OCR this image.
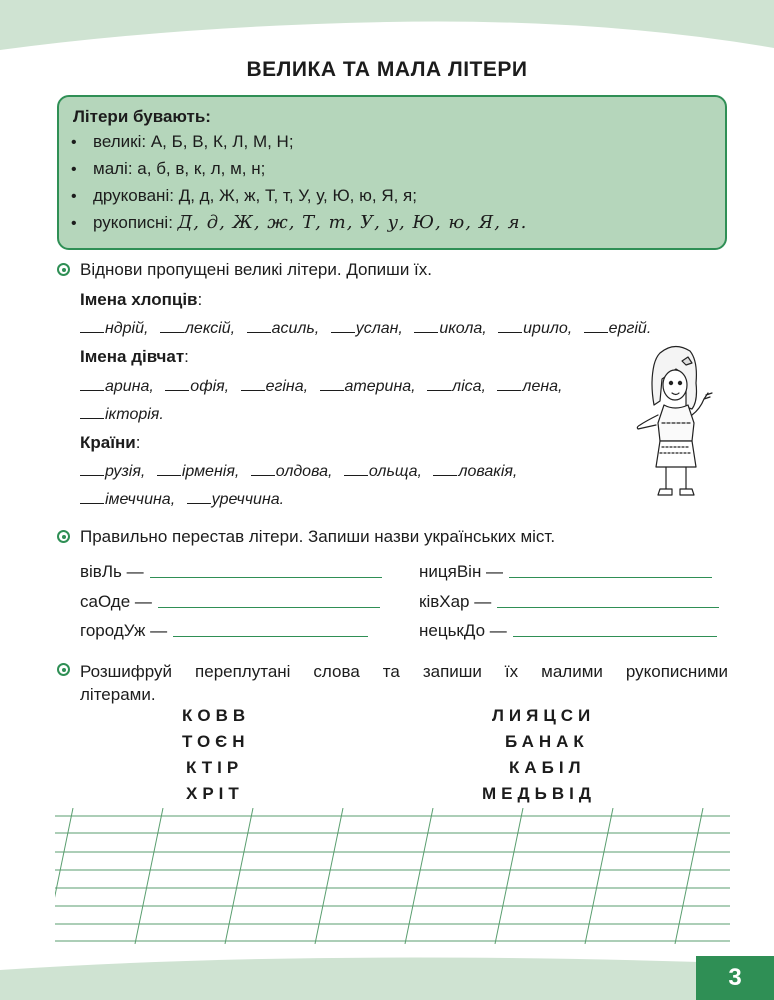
3
ВЕЛИКА ТА МАЛА ЛІТЕРИ
Літери бувають:
• великі:
А, Б, В, К, Л, М, Н;
• малі:
а, б, в, к, л, м, н;
• друковані:
Д, д, Ж, ж, Т, т, У, у, Ю, ю, Я, я;
• рукописні:
Д, д, Ж, ж, Т, т, У, у, Ю, ю, Я, я.
Віднови пропущені великі літери. Допиши їх.
Імена хлопців:
ндрій, лексій, асиль, услан, икола, ирило, ергій.
Імена дівчат:
арина, офія, егіна, атерина, ліса, лена,
ікторія.
Країни:
рузія, ірменія, олдова, ольща, ловакія,
імеччина, уреччина.
Правильно перестав літери. Запиши назви українських міст.
вівЛь —
саОде —
городУж —
ницяВін —
ківХар —
нецькДо —
Розшифруй переплутані слова та запиши їх малими рукописними
літерами.
КОВВ
ТОЄН
КТІР
ХРІТ
ЛИЯЦСИ
БАНАК
КАБІЛ
МЕДЬВІД
